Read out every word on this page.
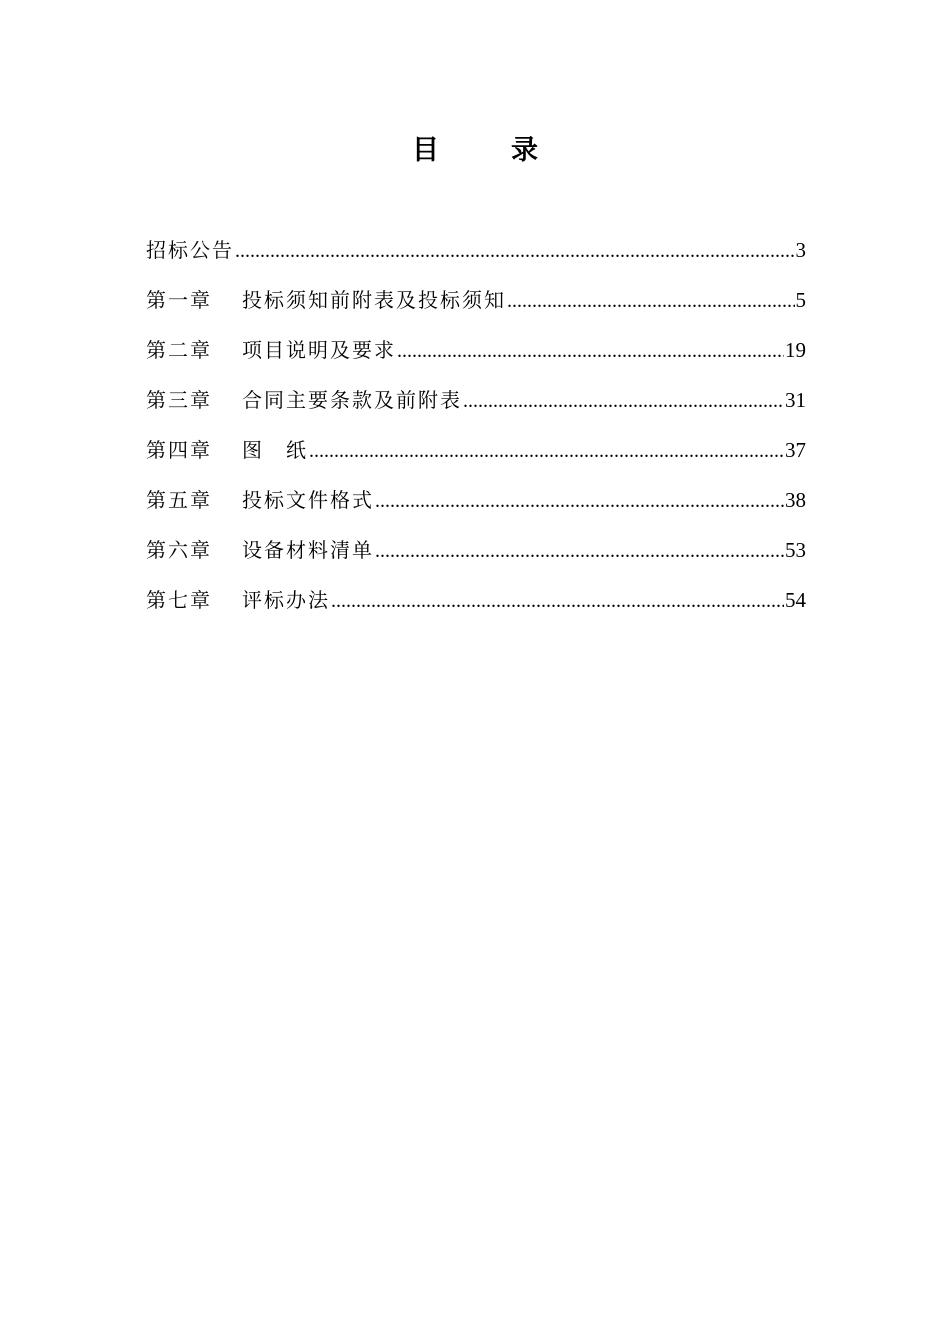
目	录
招标公告 .....	3
第一章	投标须知前附表及投标须知 .....	5
第二章	项目说明及要求 .....	19
第三章	合同主要条款及前附表 .....	31
第四章	图　纸 .....	37
第五章	投标文件格式 .....	38
第六章	设备材料清单 .....	53
第七章	评标办法 .....	54
